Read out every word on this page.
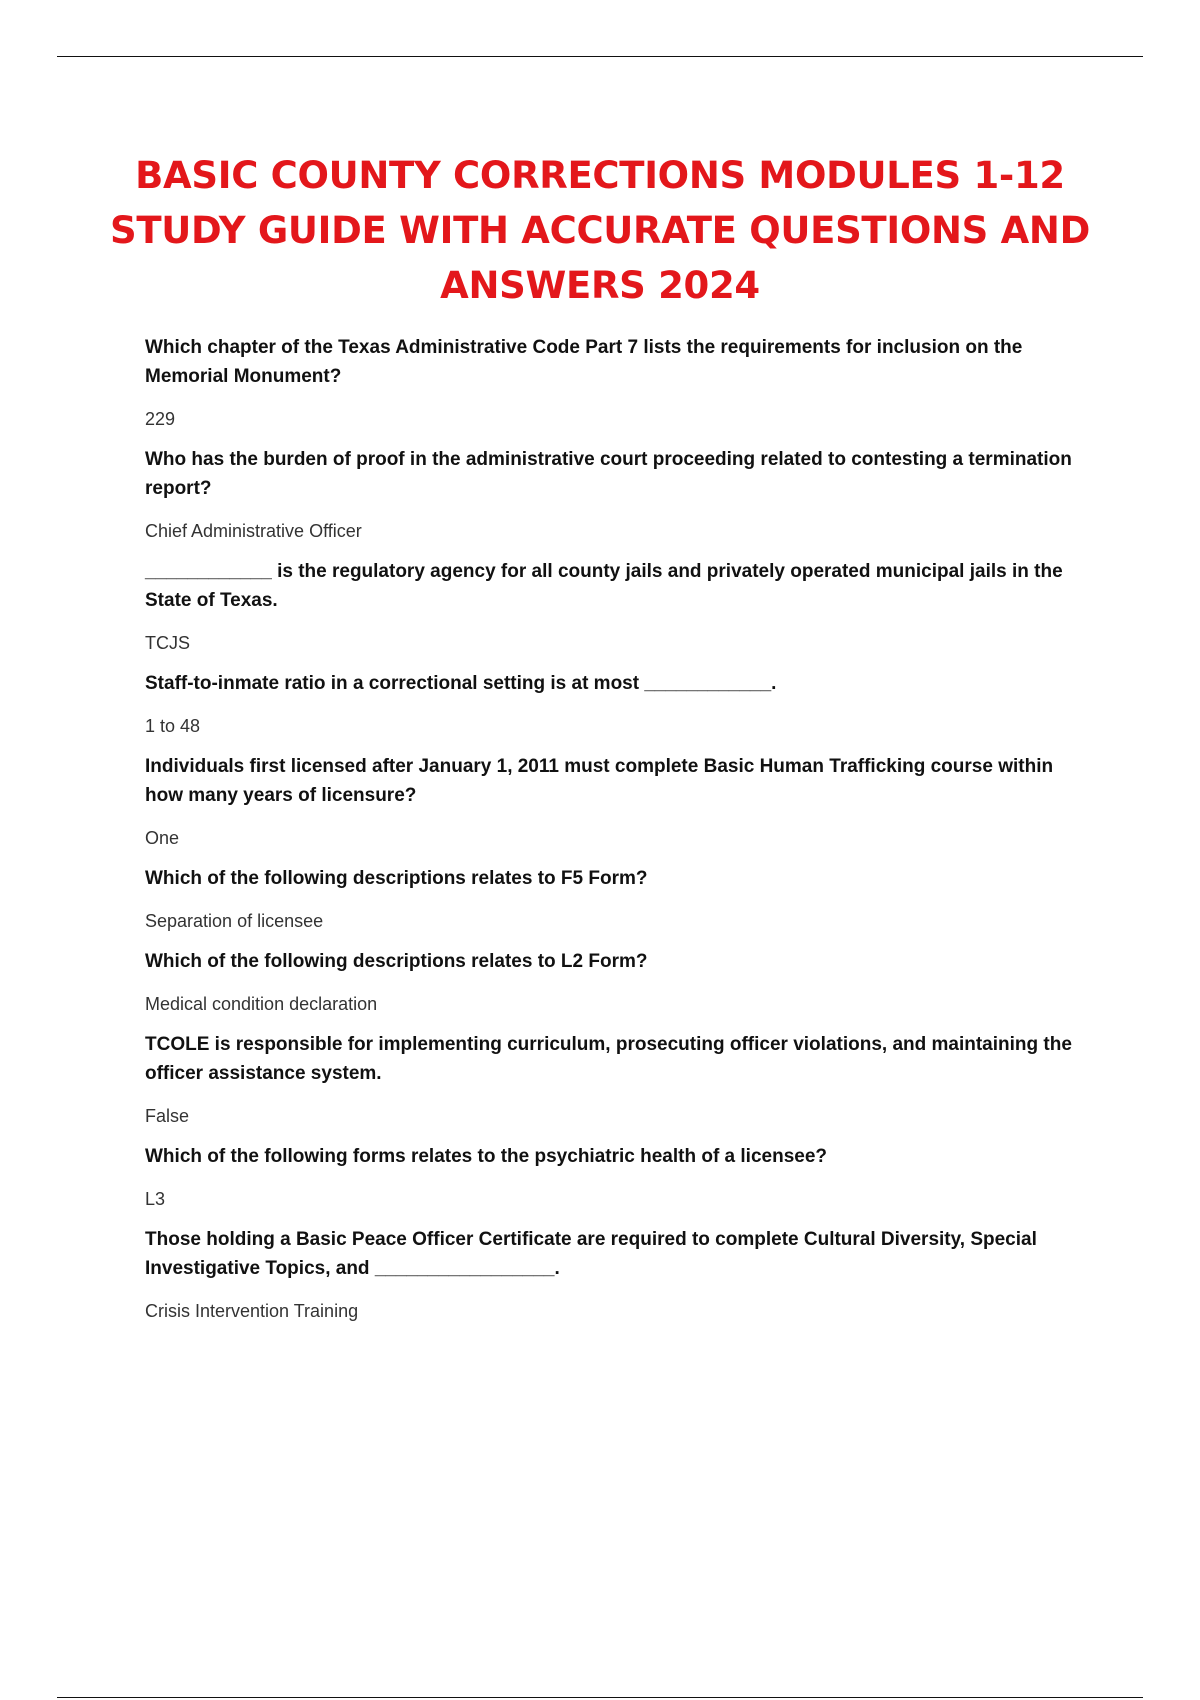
BASIC COUNTY CORRECTIONS MODULES 1-12 STUDY GUIDE WITH ACCURATE QUESTIONS AND ANSWERS 2024

Which chapter of the Texas Administrative Code Part 7 lists the requirements for inclusion on the Memorial Monument?

229

Who has the burden of proof in the administrative court proceeding related to contesting a termination report?

Chief Administrative Officer

____________ is the regulatory agency for all county jails and privately operated municipal jails in the State of Texas.

TCJS

Staff-to-inmate ratio in a correctional setting is at most ____________.

1 to 48

Individuals first licensed after January 1, 2011 must complete Basic Human Trafficking course within how many years of licensure?

One

Which of the following descriptions relates to F5 Form?

Separation of licensee

Which of the following descriptions relates to L2 Form?

Medical condition declaration

TCOLE is responsible for implementing curriculum, prosecuting officer violations, and maintaining the officer assistance system.

False

Which of the following forms relates to the psychiatric health of a licensee?

L3

Those holding a Basic Peace Officer Certificate are required to complete Cultural Diversity, Special Investigative Topics, and _________________.

Crisis Intervention Training
